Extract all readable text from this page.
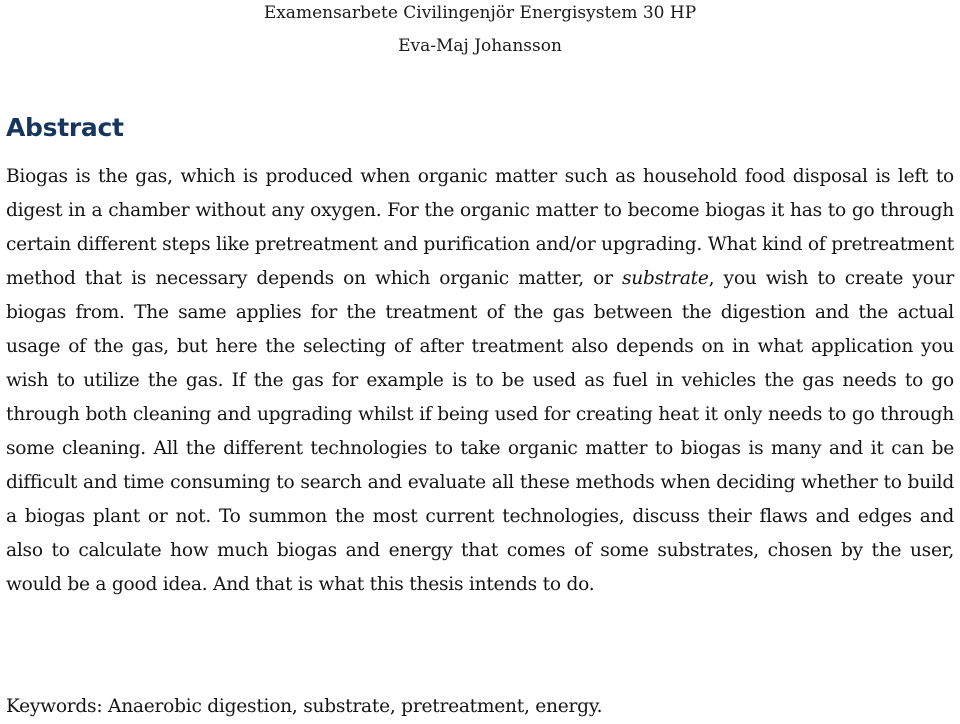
Examensarbete Civilingenjör Energisystem 30 HP
Eva-Maj Johansson
Abstract

Biogas is the gas, which is produced when organic matter such as household food disposal is left to digest in a chamber without any oxygen. For the organic matter to become biogas it has to go through certain different steps like pretreatment and purification and/or upgrading. What kind of pretreatment method that is necessary depends on which organic matter, or substrate, you wish to create your biogas from. The same applies for the treatment of the gas between the digestion and the actual usage of the gas, but here the selecting of after treatment also depends on in what application you wish to utilize the gas. If the gas for example is to be used as fuel in vehicles the gas needs to go through both cleaning and upgrading whilst if being used for creating heat it only needs to go through some cleaning. All the different technologies to take organic matter to biogas is many and it can be difficult and time consuming to search and evaluate all these methods when deciding whether to build a biogas plant or not. To summon the most current technologies, discuss their flaws and edges and also to calculate how much biogas and energy that comes of some substrates, chosen by the user, would be a good idea. And that is what this thesis intends to do.

Keywords: Anaerobic digestion, substrate, pretreatment, energy.
